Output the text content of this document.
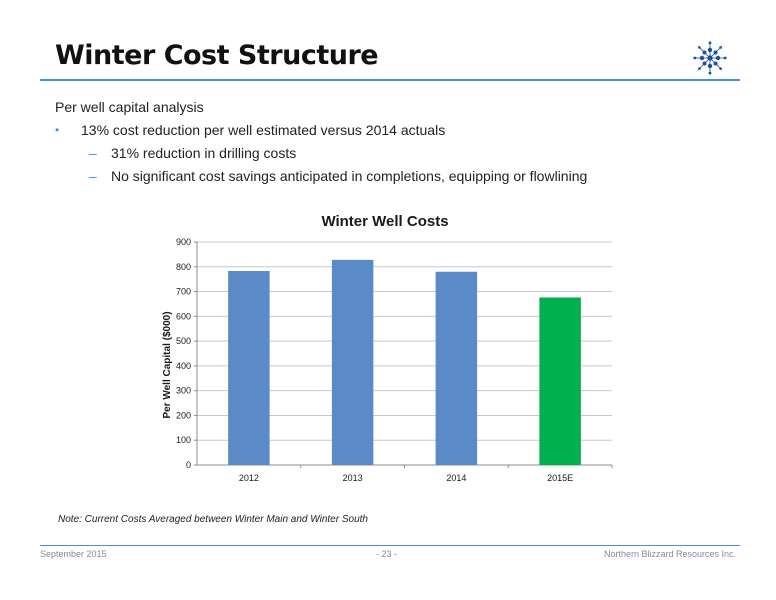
Winter Cost Structure
Per well capital analysis
• 13% cost reduction per well estimated versus 2014 actuals
– 31% reduction in drilling costs
– No significant cost savings anticipated in completions, equipping or flowlining
Winter Well Costs
0
100
200
300
400
500
600
700
800
900
2012	2013	2014	2015E
Per Well Capital ($000)
Note: Current Costs Averaged between Winter Main and Winter South
September 2015	- 23 -	Northern Blizzard Resources Inc.
